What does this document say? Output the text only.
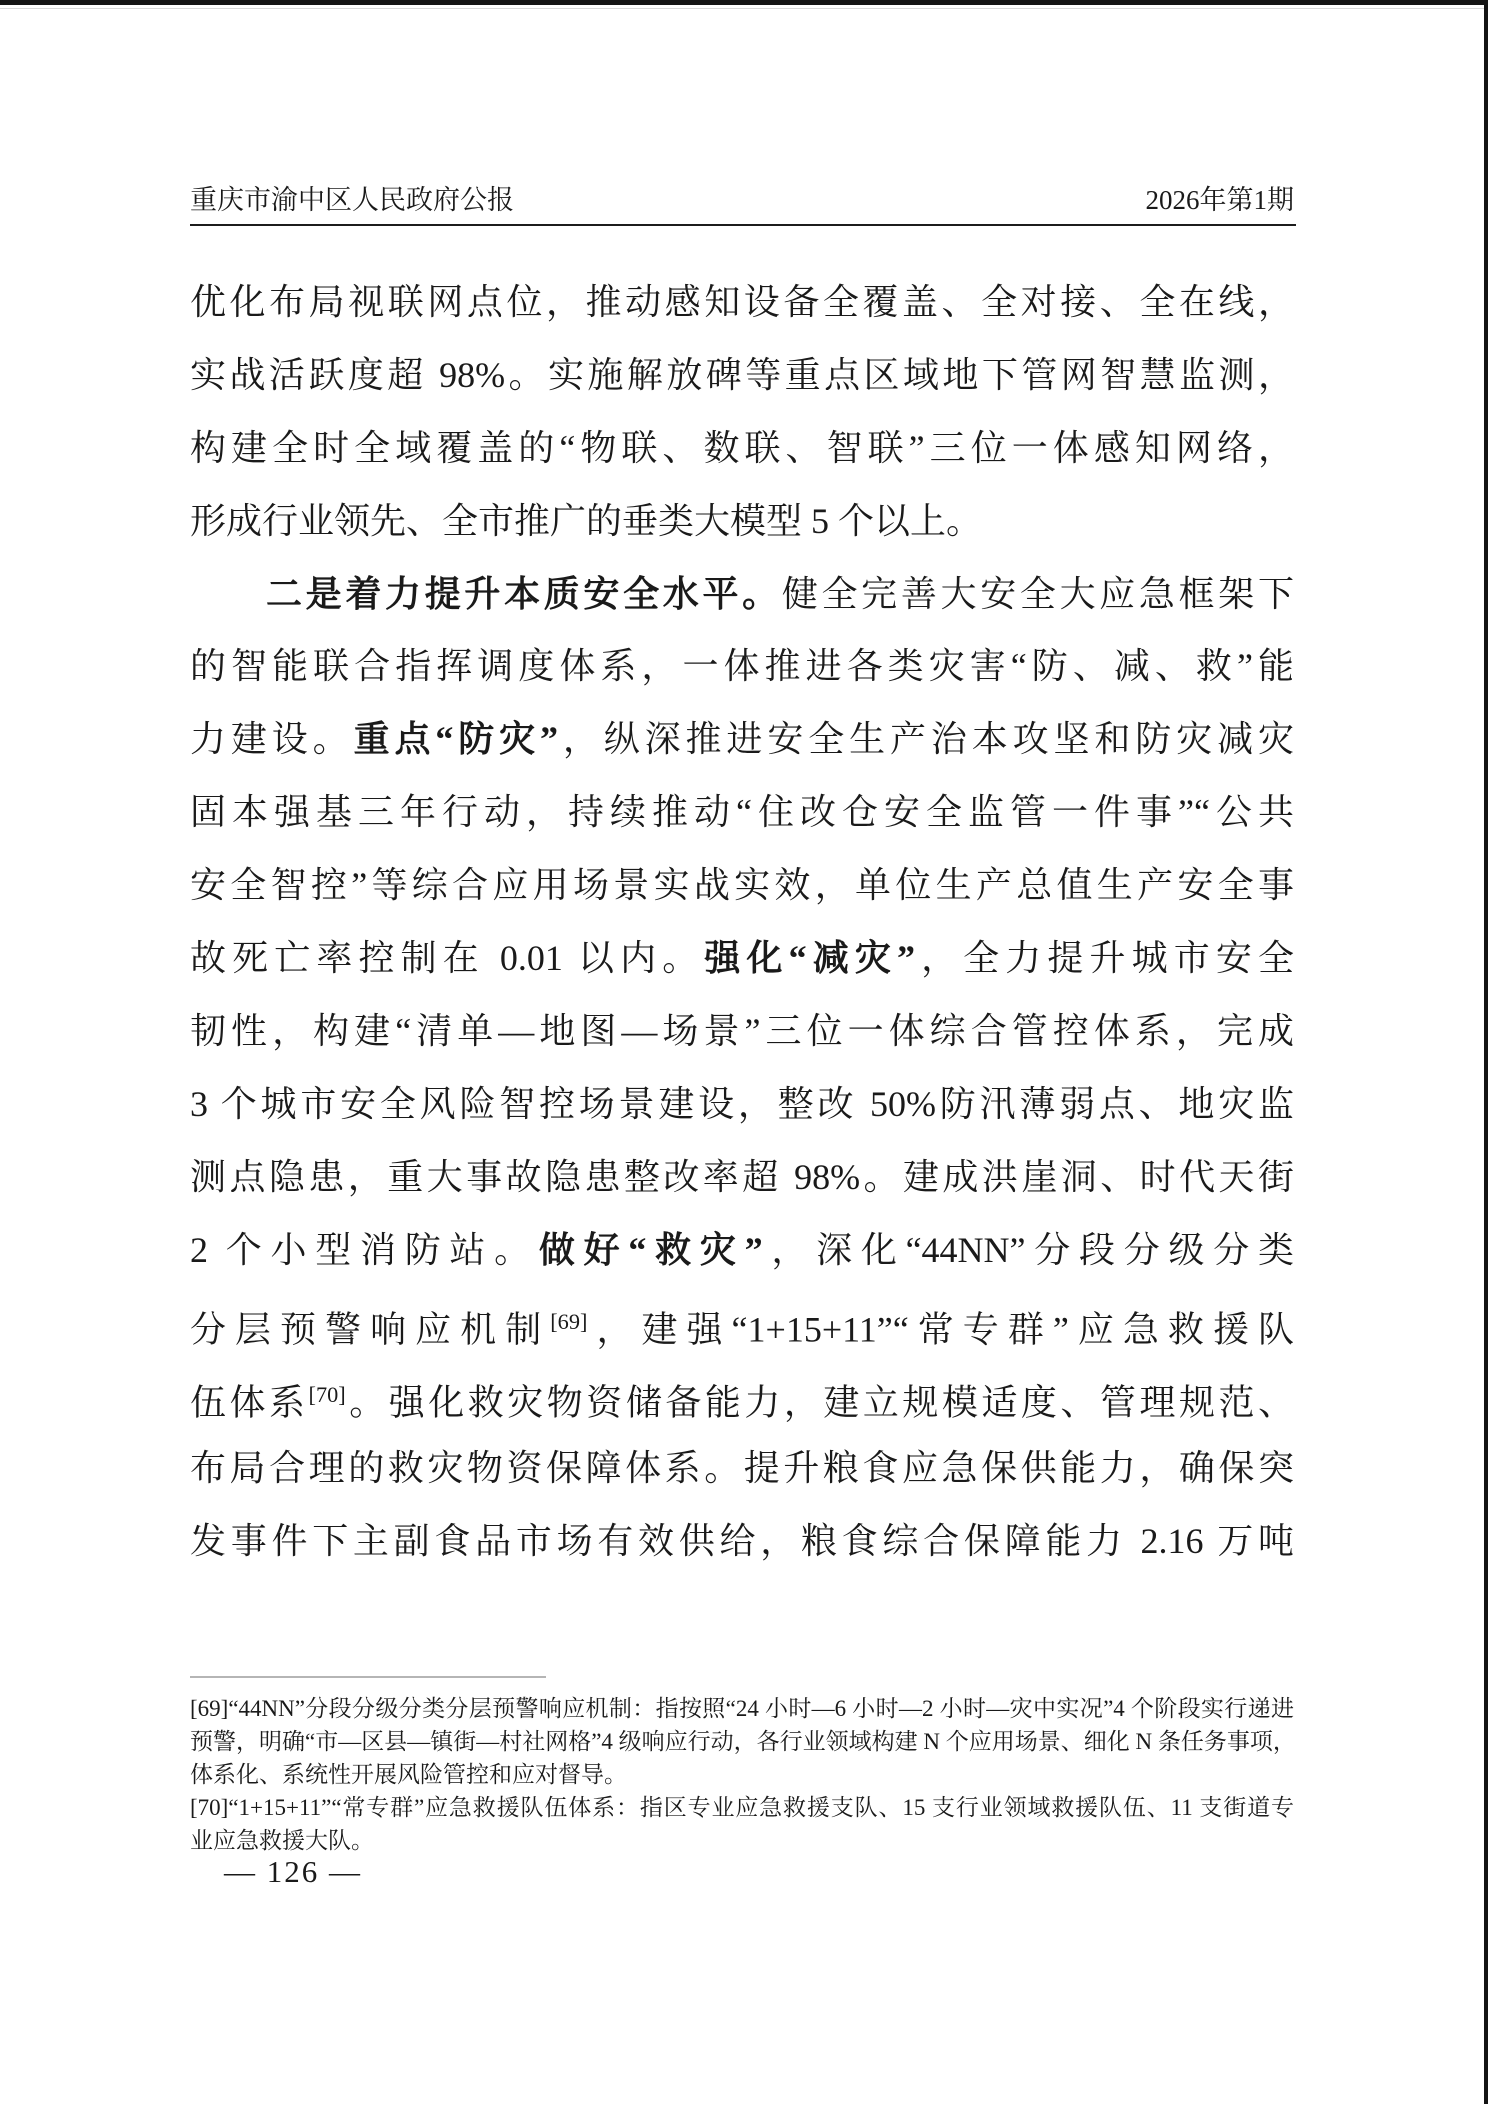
重庆市渝中区人民政府公报	2026年第1期
优化布局视联网点位，推动感知设备全覆盖、全对接、全在线，
实战活跃度超 98%。实施解放碑等重点区域地下管网智慧监测，
构建全时全域覆盖的“物联、数联、智联”三位一体感知网络，
形成行业领先、全市推广的垂类大模型 5 个以上。
二是着力提升本质安全水平。健全完善大安全大应急框架下
的智能联合指挥调度体系，一体推进各类灾害“防、减、救”能
力建设。重点“防灾”，纵深推进安全生产治本攻坚和防灾减灾
固本强基三年行动，持续推动“住改仓安全监管一件事”“公共
安全智控”等综合应用场景实战实效，单位生产总值生产安全事
故死亡率控制在 0.01 以内。强化“减灾”，全力提升城市安全
韧性，构建“清单—地图—场景”三位一体综合管控体系，完成
3 个城市安全风险智控场景建设，整改 50%防汛薄弱点、地灾监
测点隐患，重大事故隐患整改率超 98%。建成洪崖洞、时代天街
2 个小型消防站。做好“救灾”，深化“44NN”分段分级分类
分层预警响应机制[69]，建强“1+15+11”“常专群”应急救援队
伍体系[70]。强化救灾物资储备能力，建立规模适度、管理规范、
布局合理的救灾物资保障体系。提升粮食应急保供能力，确保突
发事件下主副食品市场有效供给，粮食综合保障能力 2.16 万吨
[69]“44NN”分段分级分类分层预警响应机制：指按照“24 小时—6 小时—2 小时—灾中实况”4 个阶段实行递进
预警，明确“市—区县—镇街—村社网格”4 级响应行动，各行业领域构建 N 个应用场景、细化 N 条任务事项，
体系化、系统性开展风险管控和应对督导。
[70]“1+15+11”“常专群”应急救援队伍体系：指区专业应急救援支队、15 支行业领域救援队伍、11 支街道专
业应急救援大队。
— 126 —
